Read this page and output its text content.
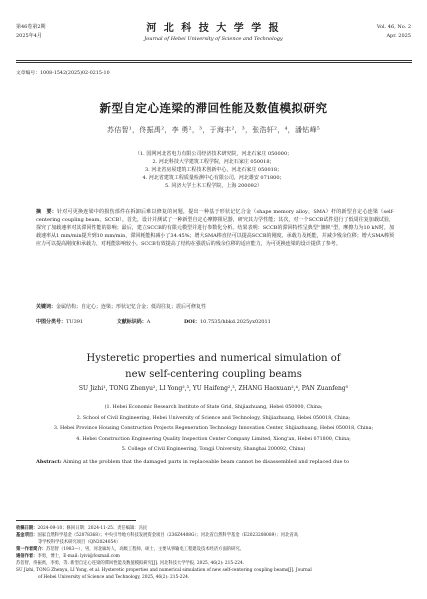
第46卷第2期
2025年4月
河 北 科 技 大 学 学 报
Journal of Hebei University of Science and Technology
Vol. 46, No. 2
Apr. 2025
文章编号：1008-1542(2025)02-0215-10
新型自定心连梁的滞回性能及数值模拟研究
苏佶智¹，佟振禹²，李 勇²，³，于海丰²，³，张浩轩²，⁴，潘钻峰⁵
（1. 国网河北省电力有限公司经济技术研究院，河北石家庄 050000；
2. 河北科技大学建筑工程学院，河北石家庄 050018；
3. 河北省房屋建筑工程技术创新中心，河北石家庄 050018；
4. 河北省建筑工程质量检测中心有限公司，河北雄安 071800；
5. 同济大学土木工程学院，上海 200092）
摘　要：针对可更换连梁中的损伤部件在拆卸后难以修复的问题，提出一种基于形状记忆合金（shape memory alloy，SMA）杆的新型自定心连梁（self-centering coupling beam，SCCB）。首先，设计并测试了一种新型自定心摩擦阻尼器，研究其力学性能；其次，对一个SCCB试件进行了低周往复加载试验，探究了加载速率对其滞回性能的影响；最后，建立SCCB的有限元模型并进行参数化分析。结果表明：SCCB的滞回特性呈典型“旗帜”型，摩擦力为10 kN时，加载速率从1 mm/min提升到10 mm/min，滞回耗能积减小了34.45%；增大SMA棒直径可以提高SCCB的刚度、承载力及耗能，并减少残余位移；增大SMA棒预应力可以提高刚度和承载力，对耗能影响较小。SCCB有效提高了结构在强震后的残余位移的适应能力，为可更换连梁的设计提供了参考。
关键词：金属结构；自定心；连梁；形状记忆合金；低周往复；震后可修复性
中图分类号：TU391	文献标识码：A	DOI：10.7535/hbkd.2025yx02011
Hysteretic properties and numerical simulation of
new self-centering coupling beams
SU Jizhi¹, TONG Zhenyu², LI Yong²,³, YU Haifeng²,³, ZHANG Haoxuan²,⁴, PAN Zuanfeng⁵
(1. Hebei Economic Research Institute of State Grid, Shijiazhuang, Hebei 050000, China;
2. School of Civil Engineering, Hebei University of Science and Technology, Shijiazhuang, Hebei 050018, China;
3. Hebei Province Housing Construction Projects Regeneration Technology Innovation Center, Shijiazhuang, Hebei 050018, China;
4. Hebei Construction Engineering Quality Inspection Center Company Limited, Xiong'an, Hebei 071800, China;
5. College of Civil Engineering, Tongji University, Shanghai 200092, China)
Abstract: Aiming at the problem that the damaged parts in replaceable beam cannot be disassembled and replaced due to
收稿日期：2024-09-10；修回日期：2024-11-25；责任编辑：冯民
基金项目：国家自然科学基金（52078368）；中央引导地方科技发展资金项目（236Z4408G）；河北省自然科学基金（E2023208089）；河北省高
等学校科学技术研究项目（QN2024054）
第一作者简介：苏佶智（1983—），男，河北廊坊人，高级工程师，硕士，主要从事输电工程建设技术经济方面的研究。
通信作者：李勇，博士，E-mail: lyivi@foxmail.com
苏佶智，佟振禹，李勇，等. 新型自定心连梁的滞回性能及数值模拟研究[J]. 河北科技大学学报, 2025, 46(2): 215-224.
SU Jizhi, TONG Zhenyu, LI Yong, et al. Hysteretic properties and numerical simulation of new self-centering coupling beams[J]. Journal
of Hebei University of Science and Technology, 2025, 46(2): 215-224.
